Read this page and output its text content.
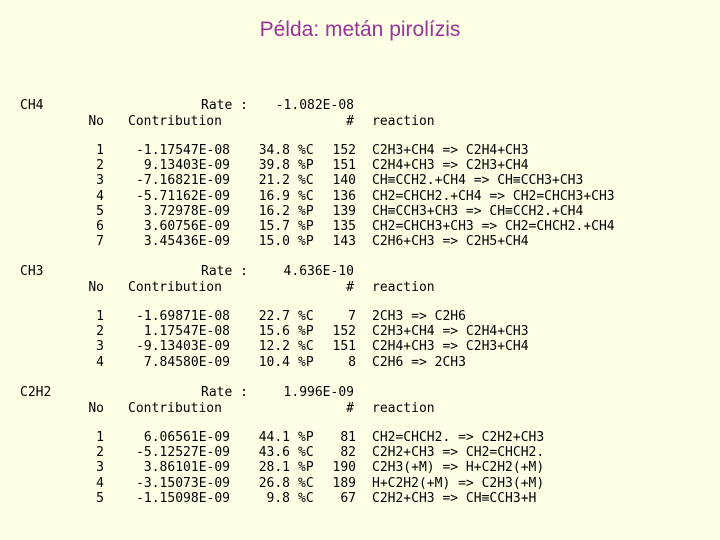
Példa: metán pirolízis
CH4	Rate :	-1.082E-08
No Contribution	# reaction
1	-1.17547E-08	34.8 %C	152 C2H3+CH4 => C2H4+CH3
2	9.13403E-09	39.8 %P	151 C2H4+CH3 => C2H3+CH4
3	-7.16821E-09	21.2 %C	140 CH≡CCH2.+CH4 => CH≡CCH3+CH3
4	-5.71162E-09	16.9 %C	136 CH2=CHCH2.+CH4 => CH2=CHCH3+CH3
5	3.72978E-09	16.2 %P	139 CH≡CCH3+CH3 => CH≡CCH2.+CH4
6	3.60756E-09	15.7 %P	135 CH2=CHCH3+CH3 => CH2=CHCH2.+CH4
7	3.45436E-09	15.0 %P	143 C2H6+CH3 => C2H5+CH4
CH3	Rate :	4.636E-10
No Contribution	# reaction
1	-1.69871E-08	22.7 %C	7 2CH3 => C2H6
2	1.17547E-08	15.6 %P	152 C2H3+CH4 => C2H4+CH3
3	-9.13403E-09	12.2 %C	151 C2H4+CH3 => C2H3+CH4
4	7.84580E-09	10.4 %P	8 C2H6 => 2CH3
C2H2	Rate :	1.996E-09
No Contribution	# reaction
1	6.06561E-09	44.1 %P	81 CH2=CHCH2. => C2H2+CH3
2	-5.12527E-09	43.6 %C	82 C2H2+CH3 => CH2=CHCH2.
3	3.86101E-09	28.1 %P	190 C2H3(+M) => H+C2H2(+M)
4	-3.15073E-09	26.8 %C	189 H+C2H2(+M) => C2H3(+M)
5	-1.15098E-09	9.8 %C	67 C2H2+CH3 => CH≡CCH3+H
